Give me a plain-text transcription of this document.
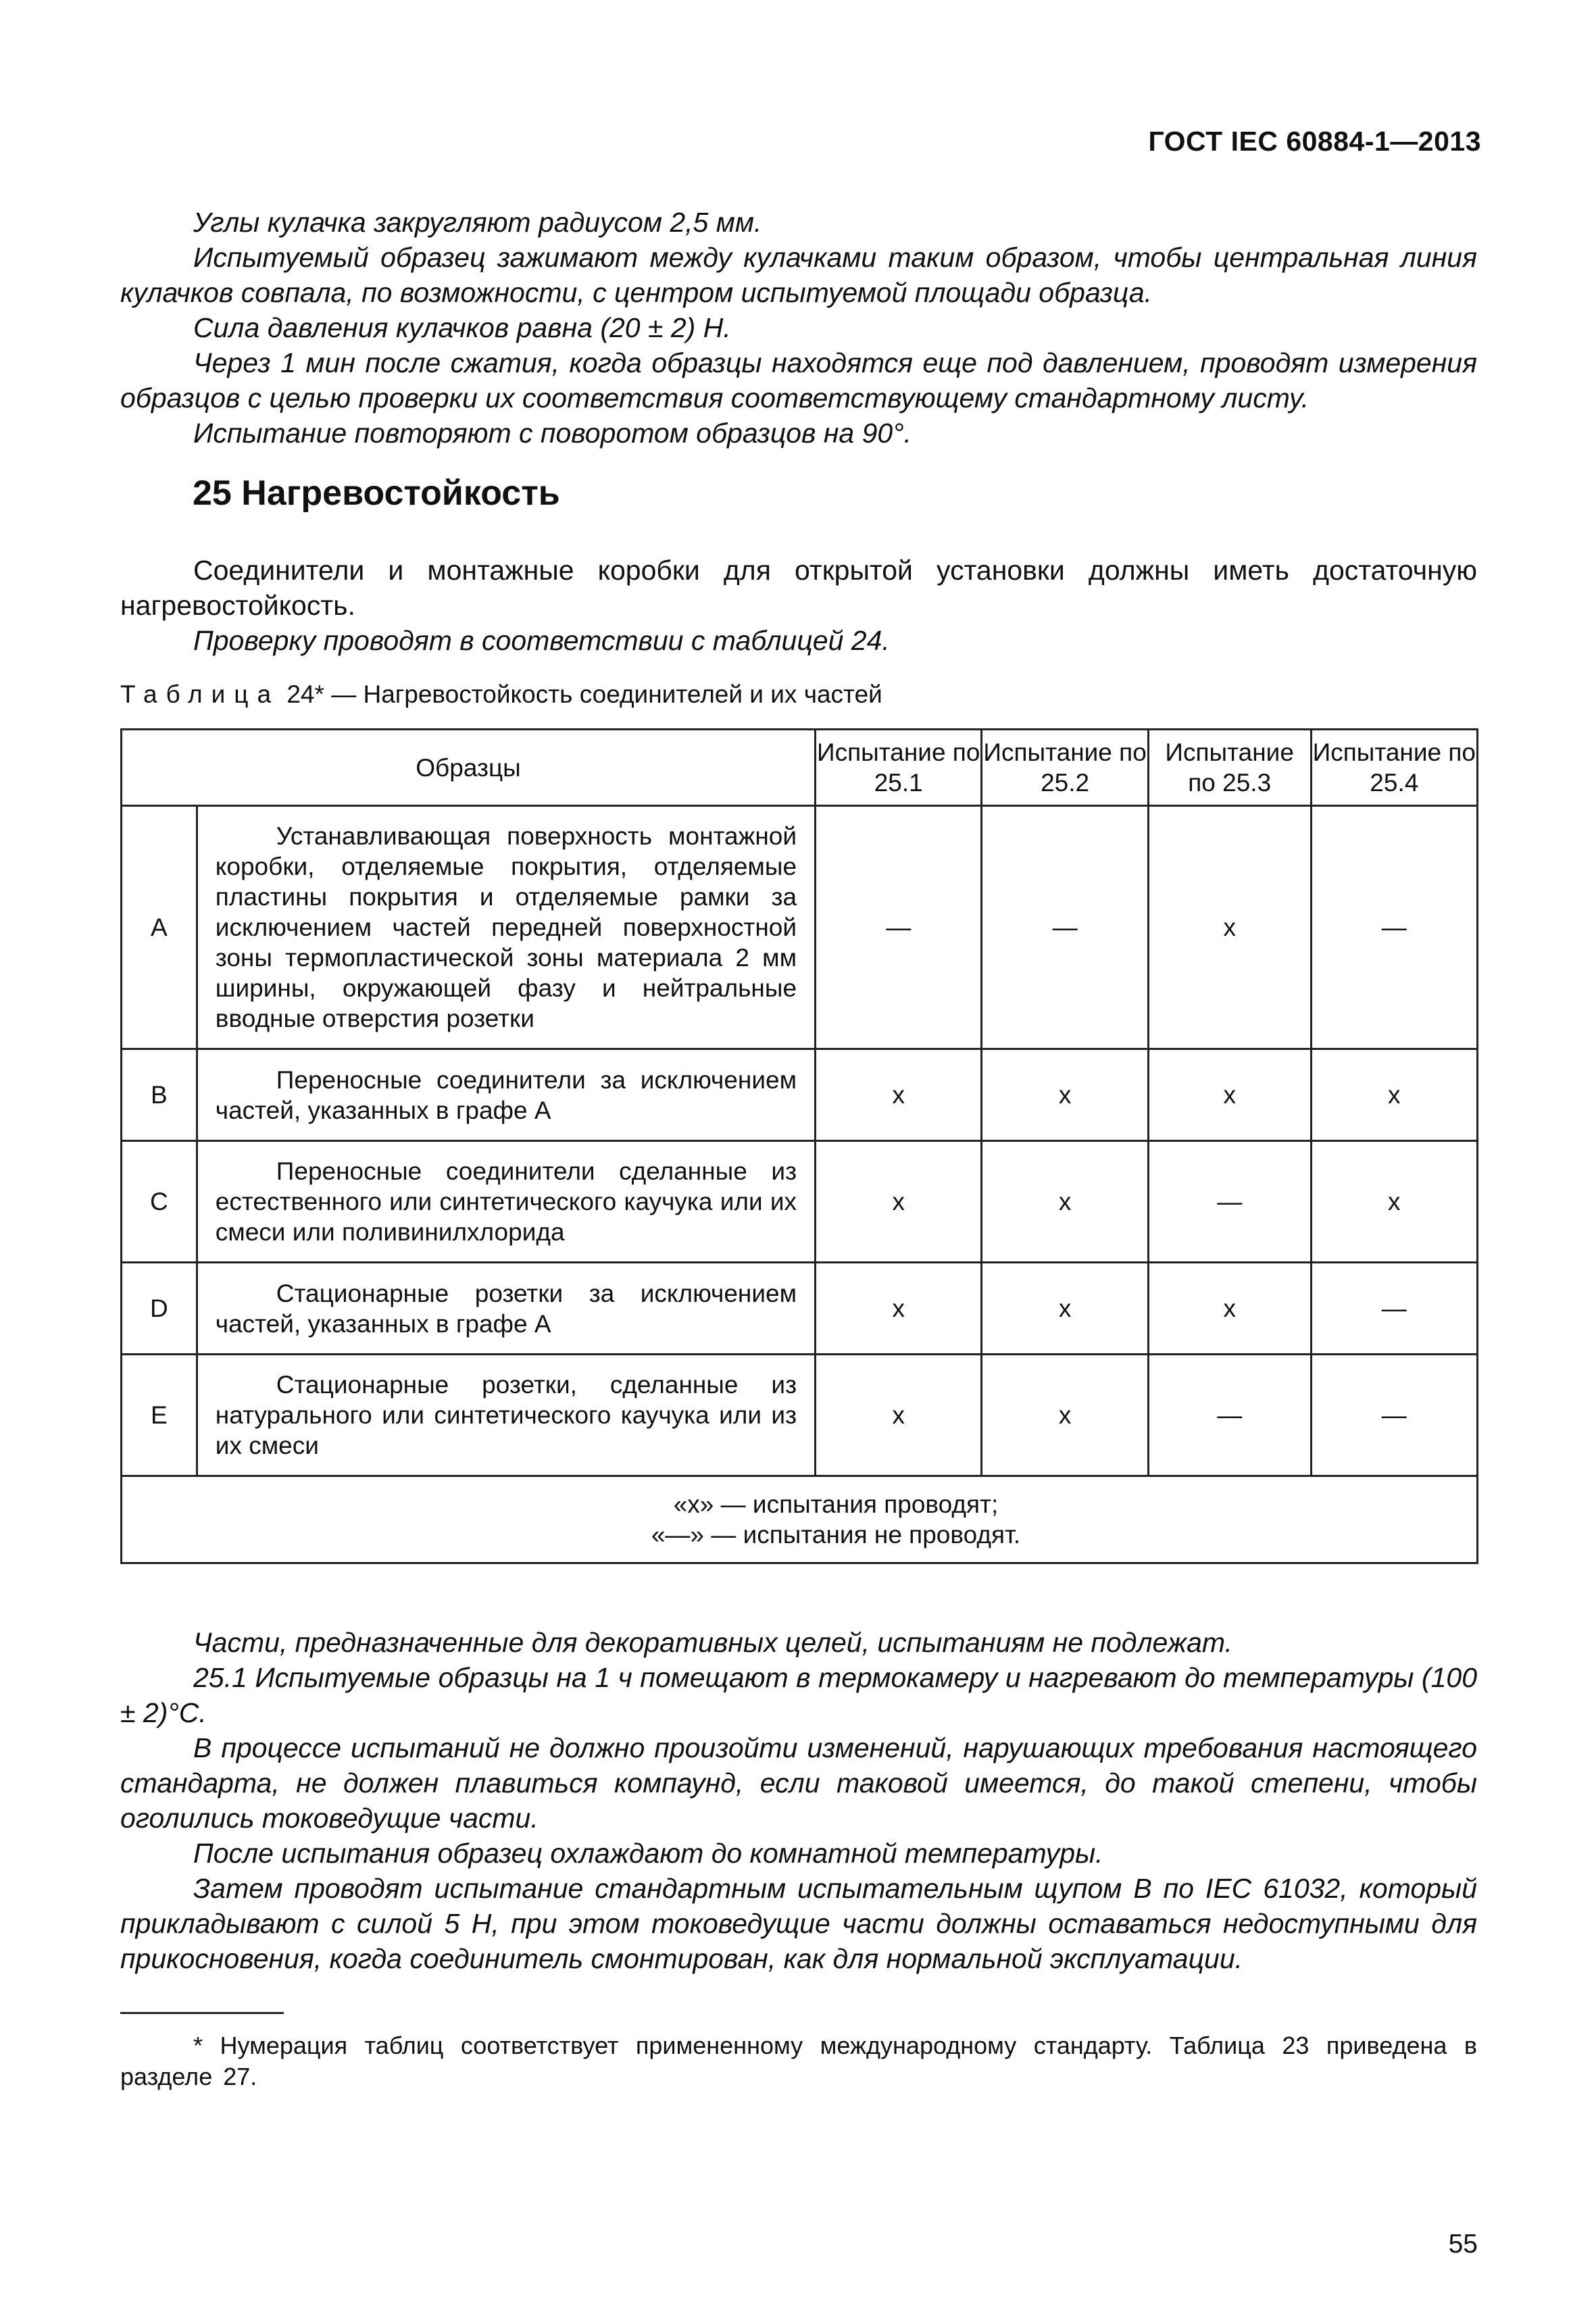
ГОСТ IEC 60884-1—2013

Углы кулачка закругляют радиусом 2,5 мм.

Испытуемый образец зажимают между кулачками таким образом, чтобы центральная линия кулачков совпала, по возможности, с центром испытуемой площади образца.

Сила давления кулачков равна (20 ± 2) Н.

Через 1 мин после сжатия, когда образцы находятся еще под давлением, проводят измерения образцов с целью проверки их соответствия соответствующему стандартному листу.

Испытание повторяют с поворотом образцов на 90°.

25 Нагревостойкость

Соединители и монтажные коробки для открытой установки должны иметь достаточную нагревостойкость.

Проверку проводят в соответствии с таблицей 24.

Таблица 24* — Нагревостойкость соединителей и их частей
Образцы		Испытание по 25.1	Испытание по 25.2	Испытание по 25.3	Испытание по 25.4
A	Устанавливающая поверхность монтажной коробки, отделяемые покрытия, отделяемые пластины покрытия и отделяемые рамки за исключением частей передней поверхностной зоны термопластической зоны материала 2 мм ширины, окружающей фазу и нейтральные вводные отверстия розетки	—	—	х	—
B	Переносные соединители за исключением частей, указанных в графе А	х	х	х	х
C	Переносные соединители сделанные из естественного или синтетического каучука или их смеси или поливинилхлорида	х	х	—	х
D	Стационарные розетки за исключением частей, указанных в графе А	х	х	х	—
E	Стационарные розетки, сделанные из натурального или синтетического каучука или из их смеси	х	х	—	—

«х» — испытания проводят;
«—» — испытания не проводят.					

Части, предназначенные для декоративных целей, испытаниям не подлежат.

25.1 Испытуемые образцы на 1 ч помещают в термокамеру и нагревают до температуры (100 ± 2)°С.

В процессе испытаний не должно произойти изменений, нарушающих требования настоящего стандарта, не должен плавиться компаунд, если таковой имеется, до такой степени, чтобы оголились токоведущие части.

После испытания образец охлаждают до комнатной температуры.

Затем проводят испытание стандартным испытательным щупом В по IEC 61032, который прикладывают с силой 5 Н, при этом токоведущие части должны оставаться недоступными для прикосновения, когда соединитель смонтирован, как для нормальной эксплуатации.

* Нумерация таблиц соответствует примененному международному стандарту. Таблица 23 приведена в разделе 27.

55
